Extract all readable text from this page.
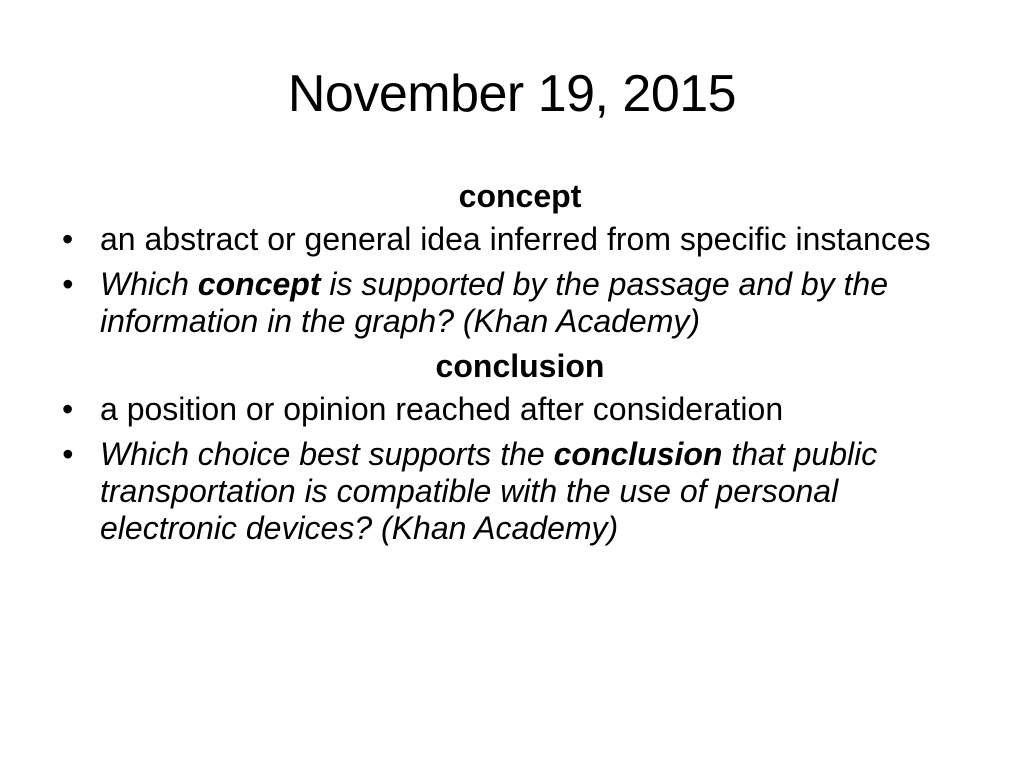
November 19, 2015
concept
• an abstract or general idea inferred from specific instances
• Which concept is supported by the passage and by the information in the graph? (Khan Academy)
conclusion
• a position or opinion reached after consideration
• Which choice best supports the conclusion that public transportation is compatible with the use of personal electronic devices? (Khan Academy)
